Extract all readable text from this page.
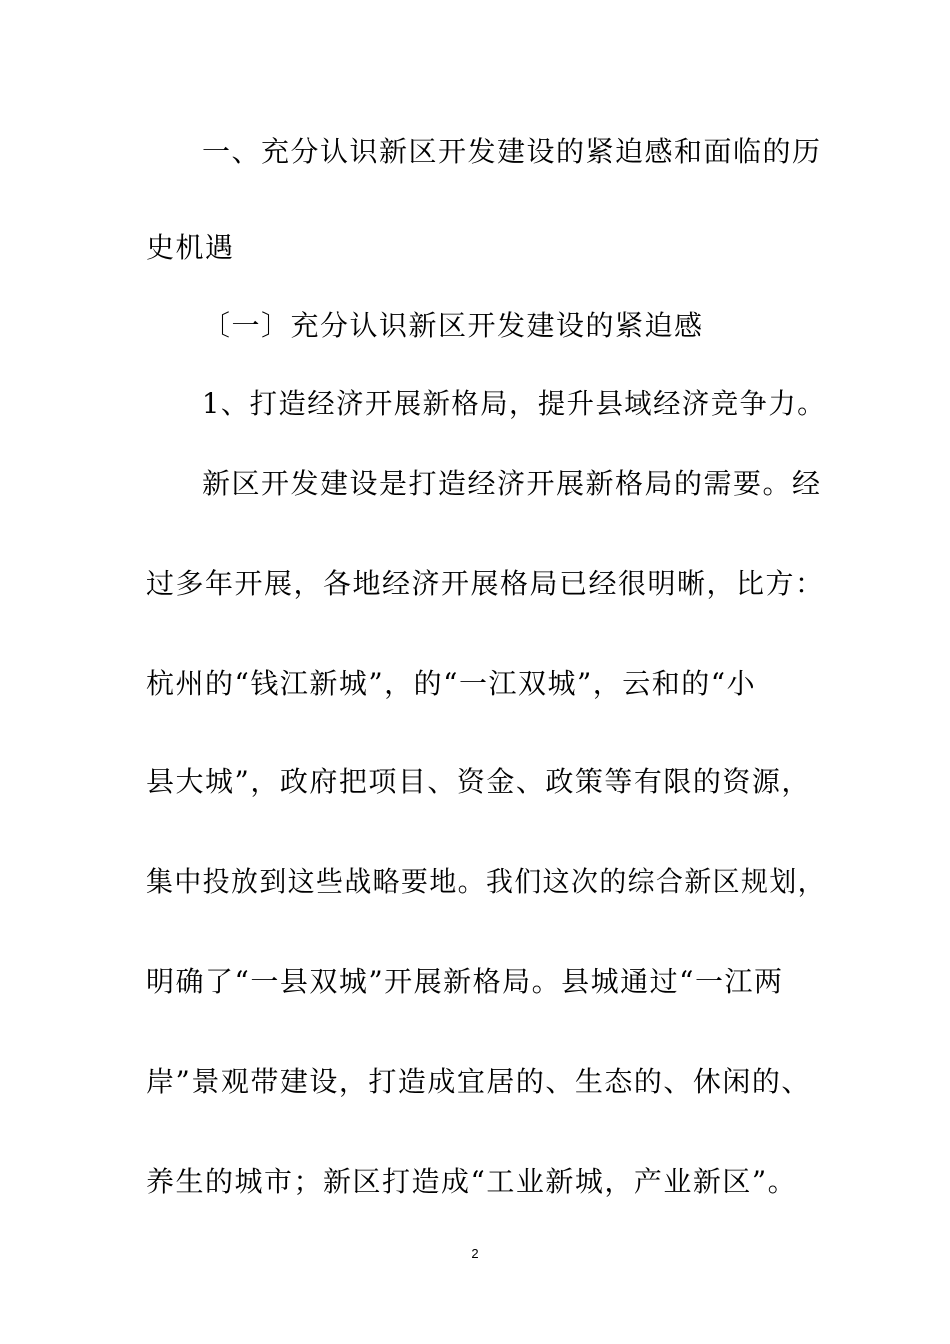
一、充分认识新区开发建设的紧迫感和面临的历
史机遇
〔一〕充分认识新区开发建设的紧迫感
1、打造经济开展新格局，提升县域经济竞争力。
新区开发建设是打造经济开展新格局的需要。经
过多年开展，各地经济开展格局已经很明晰，比方：
杭州的“钱江新城”，的“一江双城”，云和的“小
县大城”，政府把项目、资金、政策等有限的资源，
集中投放到这些战略要地。我们这次的综合新区规划，
明确了“一县双城”开展新格局。县城通过“一江两
岸”景观带建设，打造成宜居的、生态的、休闲的、
养生的城市；新区打造成“工业新城，产业新区”。
2
